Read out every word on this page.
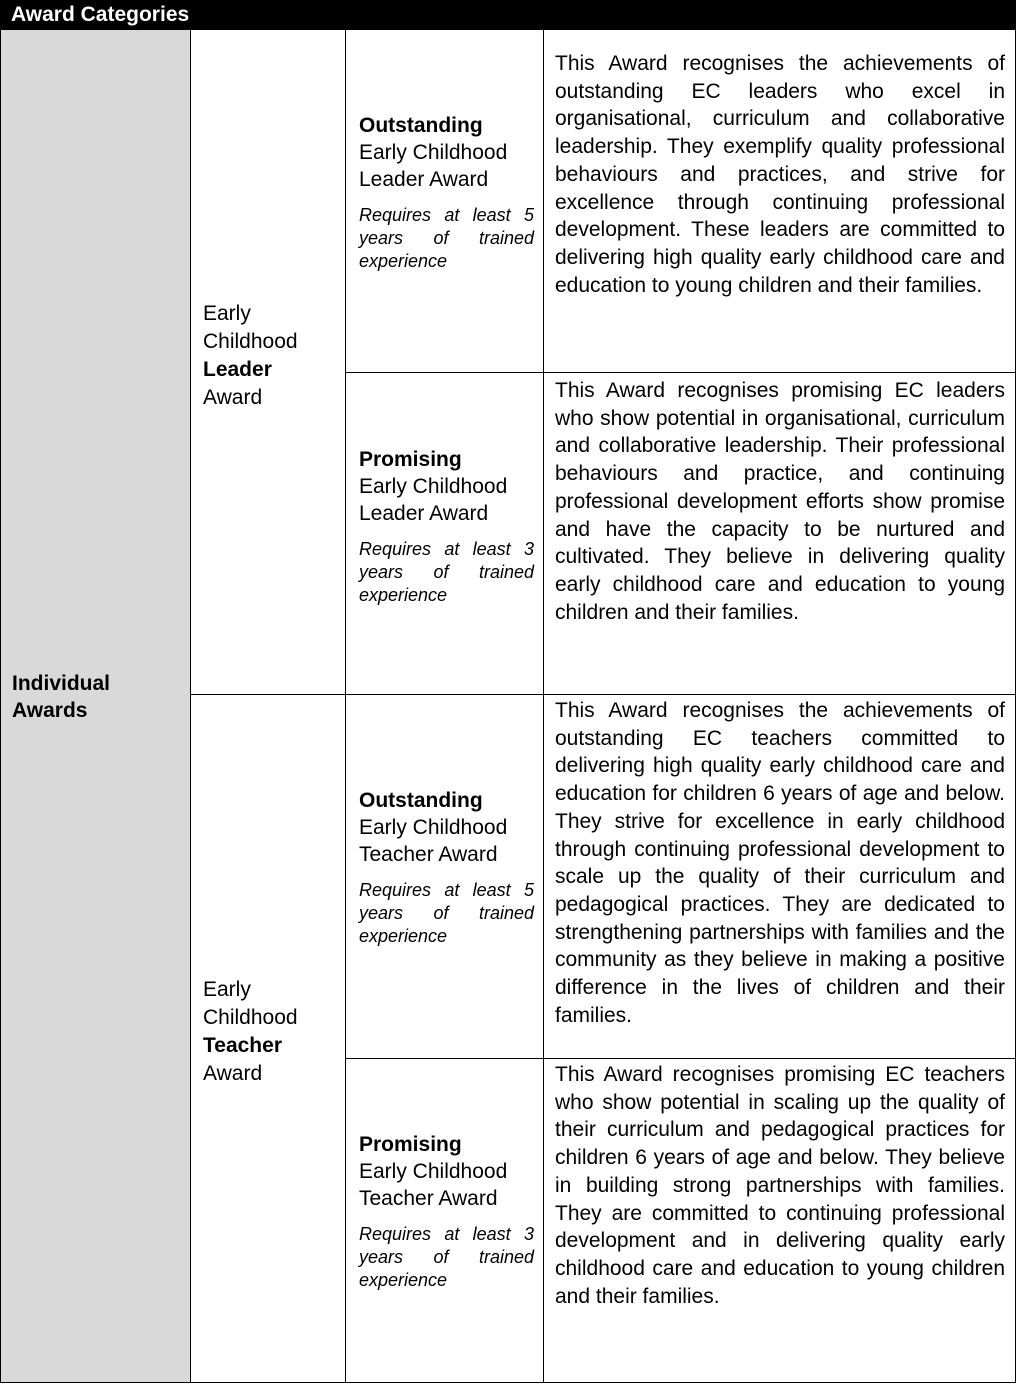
Award Categories
Individual
Awards
Early
Childhood
Leader
Award
Outstanding
Early Childhood
Leader Award
Requires at least 5 years of trained experience
This Award recognises the achievements of outstanding EC leaders who excel in organisational, curriculum and collaborative leadership. They exemplify quality professional behaviours and practices, and strive for excellence through continuing professional development. These leaders are committed to delivering high quality early childhood care and education to young children and their families.
Promising
Early Childhood
Leader Award
Requires at least 3 years of trained experience
This Award recognises promising EC leaders who show potential in organisational, curriculum and collaborative leadership. Their professional behaviours and practice, and continuing professional development efforts show promise and have the capacity to be nurtured and cultivated. They believe in delivering quality early childhood care and education to young children and their families.
Early
Childhood
Teacher
Award
Outstanding
Early Childhood
Teacher Award
Requires at least 5 years of trained experience
This Award recognises the achievements of outstanding EC teachers committed to delivering high quality early childhood care and education for children 6 years of age and below. They strive for excellence in early childhood through continuing professional development to scale up the quality of their curriculum and pedagogical practices. They are dedicated to strengthening partnerships with families and the community as they believe in making a positive difference in the lives of children and their families.
Promising
Early Childhood
Teacher Award
Requires at least 3 years of trained experience
This Award recognises promising EC teachers who show potential in scaling up the quality of their curriculum and pedagogical practices for children 6 years of age and below. They believe in building strong partnerships with families. They are committed to continuing professional development and in delivering quality early childhood care and education to young children and their families.
